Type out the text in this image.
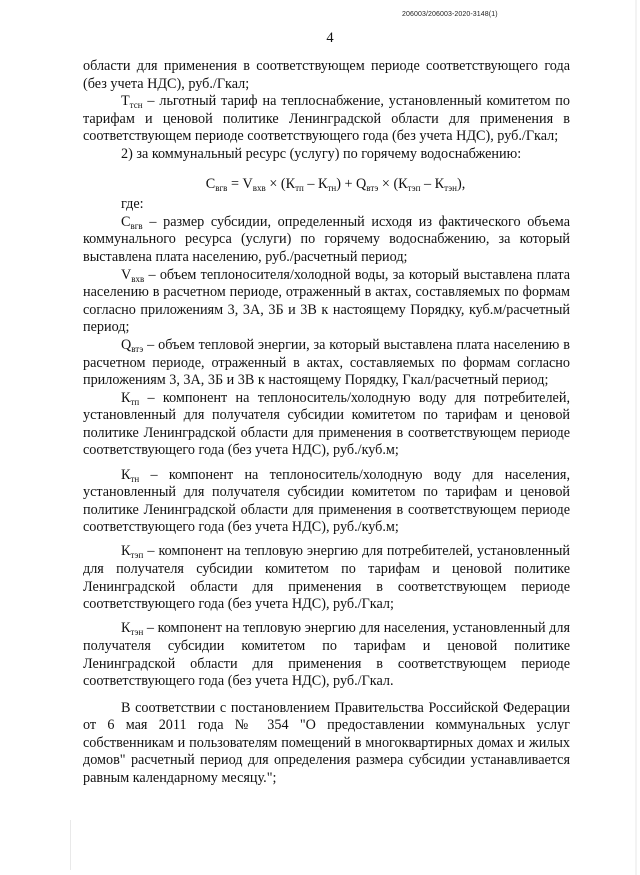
206003/206003-2020-3148(1)
4

области для применения в соответствующем периоде соответствующего года (без учета НДС), руб./Гкал;

$Т_{тсн}$ – льготный тариф на теплоснабжение, установленный комитетом по тарифам и ценовой политике Ленинградской области для применения в соответствующем периоде соответствующего года (без учета НДС), руб./Гкал;

2) за коммунальный ресурс (услугу) по горячему водоснабжению:

$С_{вгв} = V_{вхв} \times (К_{тп} - К_{тн}) + Q_{втэ} \times (К_{тэп} - К_{тэн})$,

где:

$С_{вгв}$ – размер субсидии, определенный исходя из фактического объема коммунального ресурса (услуги) по горячему водоснабжению, за который выставлена плата населению, руб./расчетный период;

$V_{вхв}$ – объем теплоносителя/холодной воды, за который выставлена плата населению в расчетном периоде, отраженный в актах, составляемых по формам согласно приложениям 3, 3А, 3Б и 3В к настоящему Порядку, куб.м/расчетный период;

$Q_{втэ}$ – объем тепловой энергии, за который выставлена плата населению в расчетном периоде, отраженный в актах, составляемых по формам согласно приложениям 3, 3А, 3Б и 3В к настоящему Порядку, Гкал/расчетный период;

$К_{тп}$ – компонент на теплоноситель/холодную воду для потребителей, установленный для получателя субсидии комитетом по тарифам и ценовой политике Ленинградской области для применения в соответствующем периоде соответствующего года (без учета НДС), руб./куб.м;

$К_{тн}$ – компонент на теплоноситель/холодную воду для населения, установленный для получателя субсидии комитетом по тарифам и ценовой политике Ленинградской области для применения в соответствующем периоде соответствующего года (без учета НДС), руб./куб.м;

$К_{тэп}$ – компонент на тепловую энергию для потребителей, установленный для получателя субсидии комитетом по тарифам и ценовой политике Ленинградской области для применения в соответствующем периоде соответствующего года (без учета НДС), руб./Гкал;

$К_{тэн}$ – компонент на тепловую энергию для населения, установленный для получателя субсидии комитетом по тарифам и ценовой политике Ленинградской области для применения в соответствующем периоде соответствующего года (без учета НДС), руб./Гкал.

В соответствии с постановлением Правительства Российской Федерации от 6 мая 2011 года № 354 "О предоставлении коммунальных услуг собственникам и пользователям помещений в многоквартирных домах и жилых домов" расчетный период для определения размера субсидии устанавливается равным календарному месяцу.";
